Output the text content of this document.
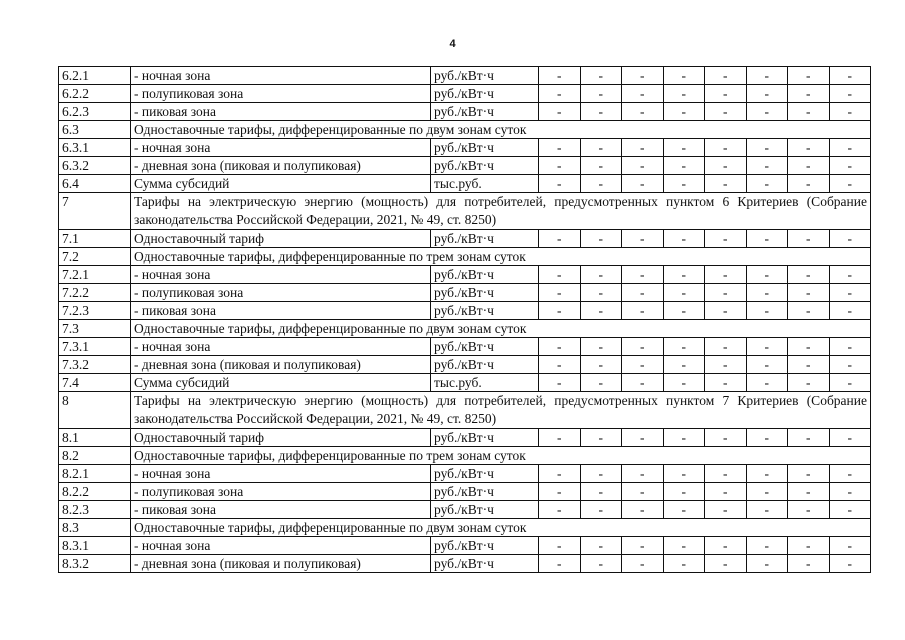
4
6.2.1	- ночная зона	руб./кВт·ч	-	-	-	-	-	-	-	-
6.2.2	- полупиковая зона	руб./кВт·ч	-	-	-	-	-	-	-	-
6.2.3	- пиковая зона	руб./кВт·ч	-	-	-	-	-	-	-	-
6.3	Одноставочные тарифы, дифференцированные по двум зонам суток									
6.3.1	- ночная зона	руб./кВт·ч	-	-	-	-	-	-	-	-
6.3.2	- дневная зона (пиковая и полупиковая)	руб./кВт·ч	-	-	-	-	-	-	-	-
6.4	Сумма субсидий	тыс.руб.	-	-	-	-	-	-	-	-
7	Тарифы на электрическую энергию (мощность) для потребителей, предусмотренных пунктом 6 Критериев (Собрание законодательства Российской Федерации, 2021, № 49, ст. 8250)									
7.1	Одноставочный тариф	руб./кВт·ч	-	-	-	-	-	-	-	-
7.2	Одноставочные тарифы, дифференцированные по трем зонам суток									
7.2.1	- ночная зона	руб./кВт·ч	-	-	-	-	-	-	-	-
7.2.2	- полупиковая зона	руб./кВт·ч	-	-	-	-	-	-	-	-
7.2.3	- пиковая зона	руб./кВт·ч	-	-	-	-	-	-	-	-
7.3	Одноставочные тарифы, дифференцированные по двум зонам суток									
7.3.1	- ночная зона	руб./кВт·ч	-	-	-	-	-	-	-	-
7.3.2	- дневная зона (пиковая и полупиковая)	руб./кВт·ч	-	-	-	-	-	-	-	-
7.4	Сумма субсидий	тыс.руб.	-	-	-	-	-	-	-	-
8	Тарифы на электрическую энергию (мощность) для потребителей, предусмотренных пунктом 7 Критериев (Собрание законодательства Российской Федерации, 2021, № 49, ст. 8250)									
8.1	Одноставочный тариф	руб./кВт·ч	-	-	-	-	-	-	-	-
8.2	Одноставочные тарифы, дифференцированные по трем зонам суток									
8.2.1	- ночная зона	руб./кВт·ч	-	-	-	-	-	-	-	-
8.2.2	- полупиковая зона	руб./кВт·ч	-	-	-	-	-	-	-	-
8.2.3	- пиковая зона	руб./кВт·ч	-	-	-	-	-	-	-	-
8.3	Одноставочные тарифы, дифференцированные по двум зонам суток									
8.3.1	- ночная зона	руб./кВт·ч	-	-	-	-	-	-	-	-
8.3.2	- дневная зона (пиковая и полупиковая)	руб./кВт·ч	-	-	-	-	-	-	-	-
